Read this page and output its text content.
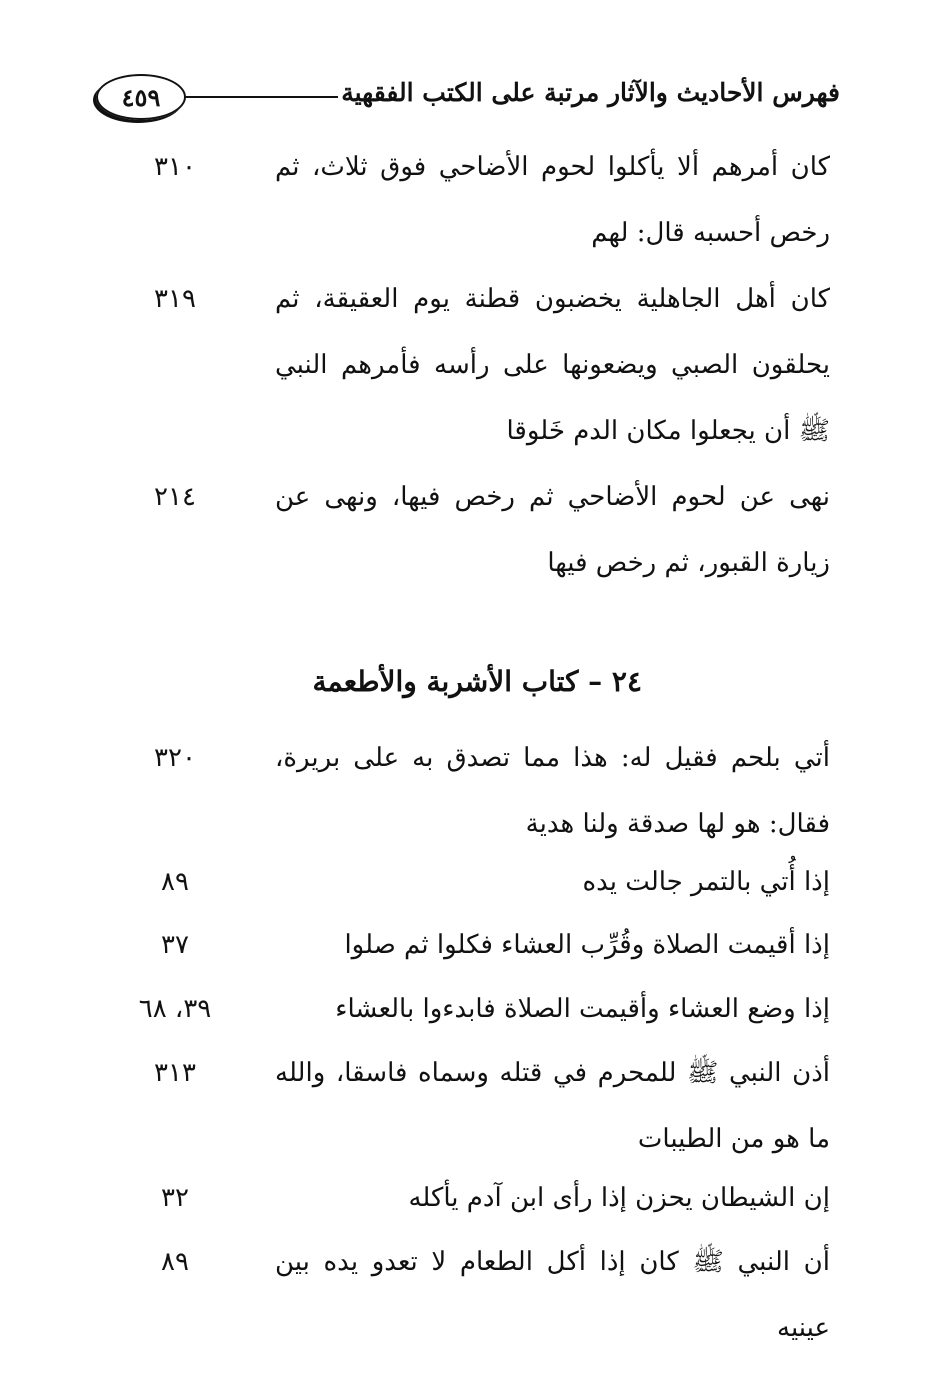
٤٥٩	فهرس الأحاديث والآثار مرتبة على الكتب الفقهية
كان أمرهم ألا يأكلوا لحوم الأضاحي فوق ثلاث، ثم رخص أحسبه قال: لهم
٣١٠
كان أهل الجاهلية يخضبون قطنة يوم العقيقة، ثم يحلقون الصبي ويضعونها على رأسه فأمرهم النبي ﷺ أن يجعلوا مكان الدم خَلوقا
٣١٩
نهى عن لحوم الأضاحي ثم رخص فيها، ونهى عن زيارة القبور، ثم رخص فيها
٢١٤
٢٤ – كتاب الأشربة والأطعمة
أتي بلحم فقيل له: هذا مما تصدق به على بريرة، فقال: هو لها صدقة ولنا هدية
٣٢٠
إذا أُتي بالتمر جالت يده
٨٩
إذا أقيمت الصلاة وقُرِّب العشاء فكلوا ثم صلوا
٣٧
إذا وضع العشاء وأقيمت الصلاة فابدءوا بالعشاء
٣٩، ٦٨
أذن النبي ﷺ للمحرم في قتله وسماه فاسقا، والله ما هو من الطيبات
٣١٣
إن الشيطان يحزن إذا رأى ابن آدم يأكله
٣٢
أن النبي ﷺ كان إذا أكل الطعام لا تعدو يده بين عينيه
٨٩
